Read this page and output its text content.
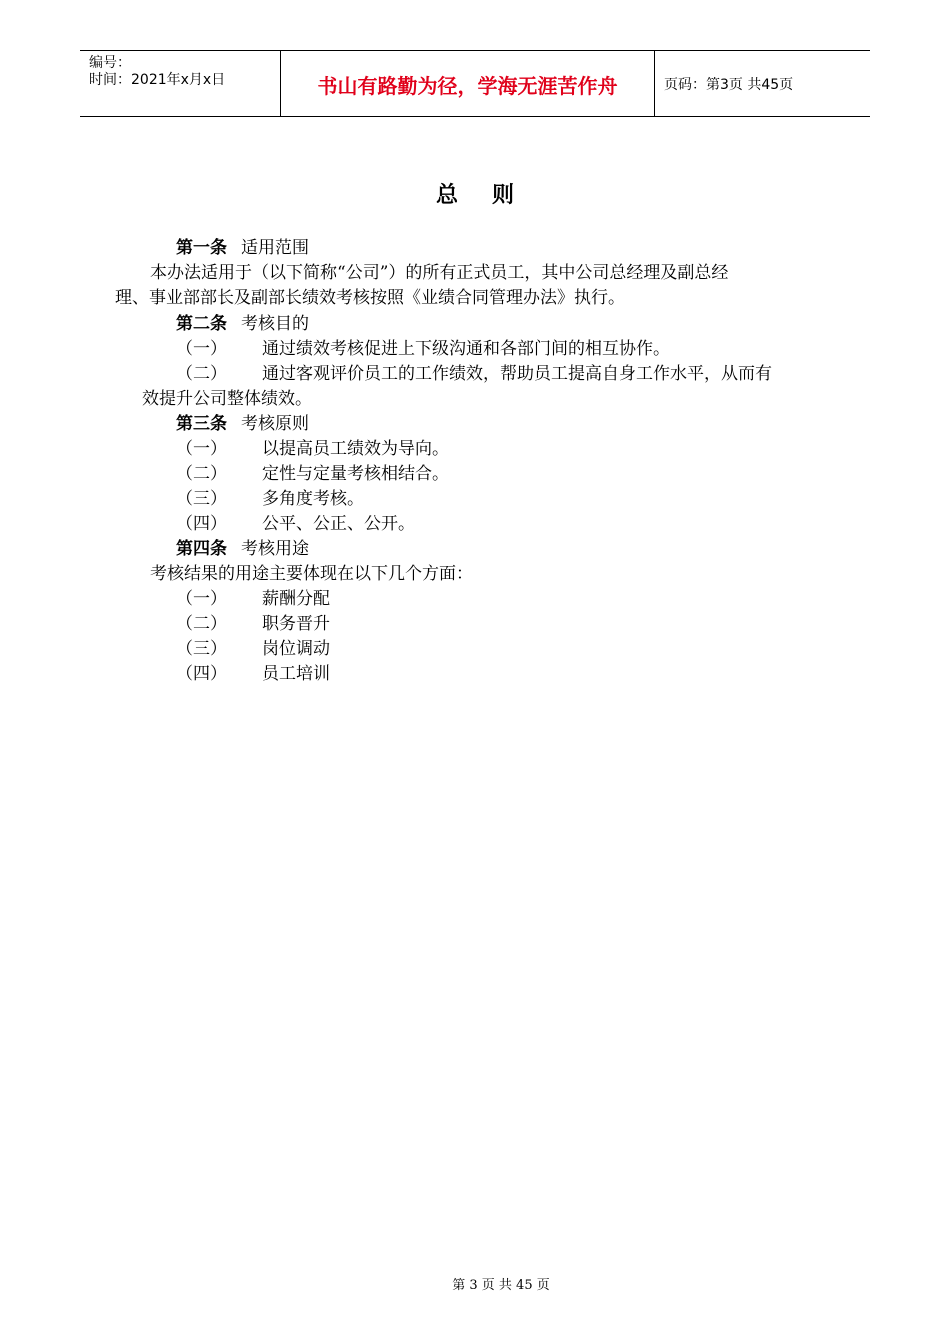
编号：
时间：2021年x月x日	书山有路勤为径，学海无涯苦作舟	页码：第3页 共45页
总则
第一条 适用范围
本办法适用于（以下简称“公司”）的所有正式员工，其中公司总经理及副总经
理、事业部部长及副部长绩效考核按照《业绩合同管理办法》执行。
第二条 考核目的
（一） 通过绩效考核促进上下级沟通和各部门间的相互协作。
（二） 通过客观评价员工的工作绩效，帮助员工提高自身工作水平，从而有
效提升公司整体绩效。
第三条 考核原则
（一） 以提高员工绩效为导向。
（二） 定性与定量考核相结合。
（三） 多角度考核。
（四） 公平、公正、公开。
第四条 考核用途
考核结果的用途主要体现在以下几个方面：
（一） 薪酬分配
（二） 职务晋升
（三） 岗位调动
（四） 员工培训
第 3 页 共 45 页
